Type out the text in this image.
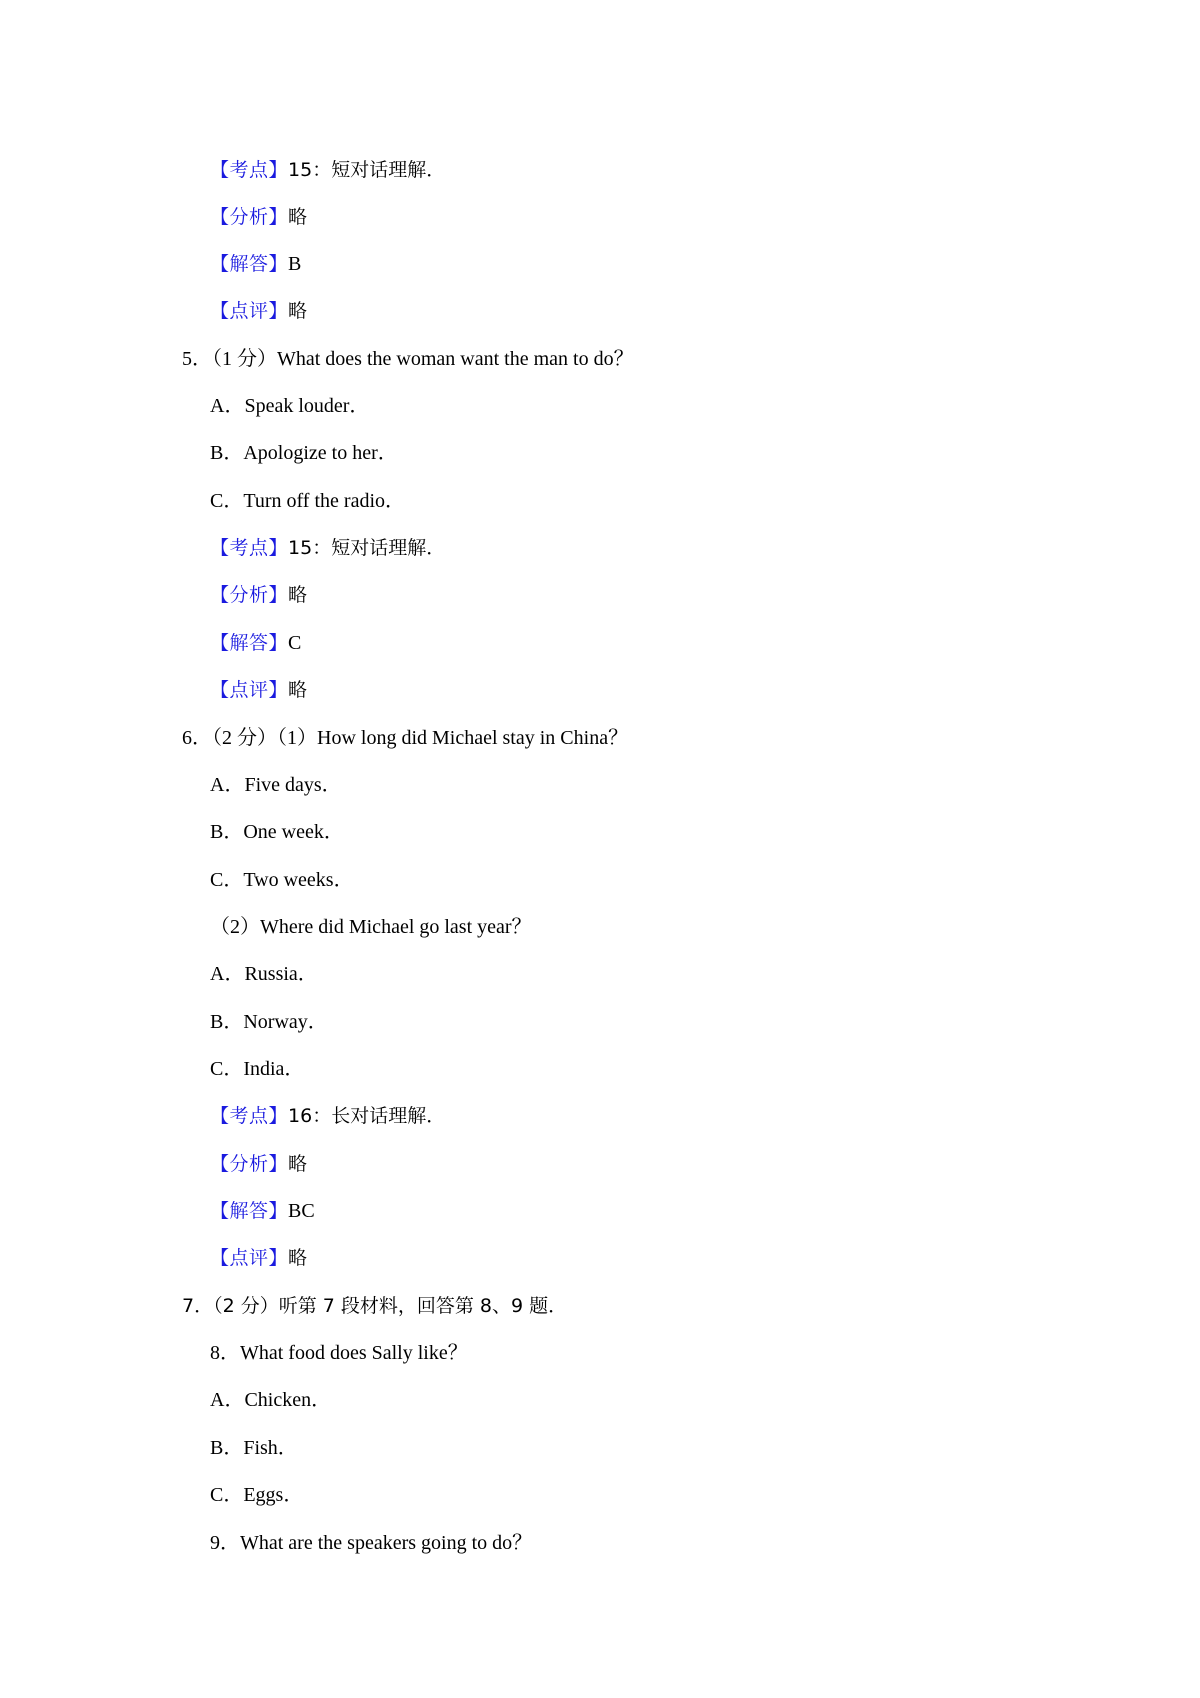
【考点】15：短对话理解．
【分析】略
【解答】B
【点评】略
5．（1 分）What does the woman want the man to do？
A．Speak louder．
B．Apologize to her．
C．Turn off the radio．
【考点】15：短对话理解．
【分析】略
【解答】C
【点评】略
6．（2 分）（1）How long did Michael stay in China？
A．Five days．
B．One week．
C．Two weeks．
（2）Where did Michael go last year？
A．Russia．
B．Norway．
C．India．
【考点】16：长对话理解．
【分析】略
【解答】BC
【点评】略
7．（2 分）听第 7 段材料，回答第 8、9 题．
8．What food does Sally like？
A．Chicken．
B．Fish．
C．Eggs．
9．What are the speakers going to do？
